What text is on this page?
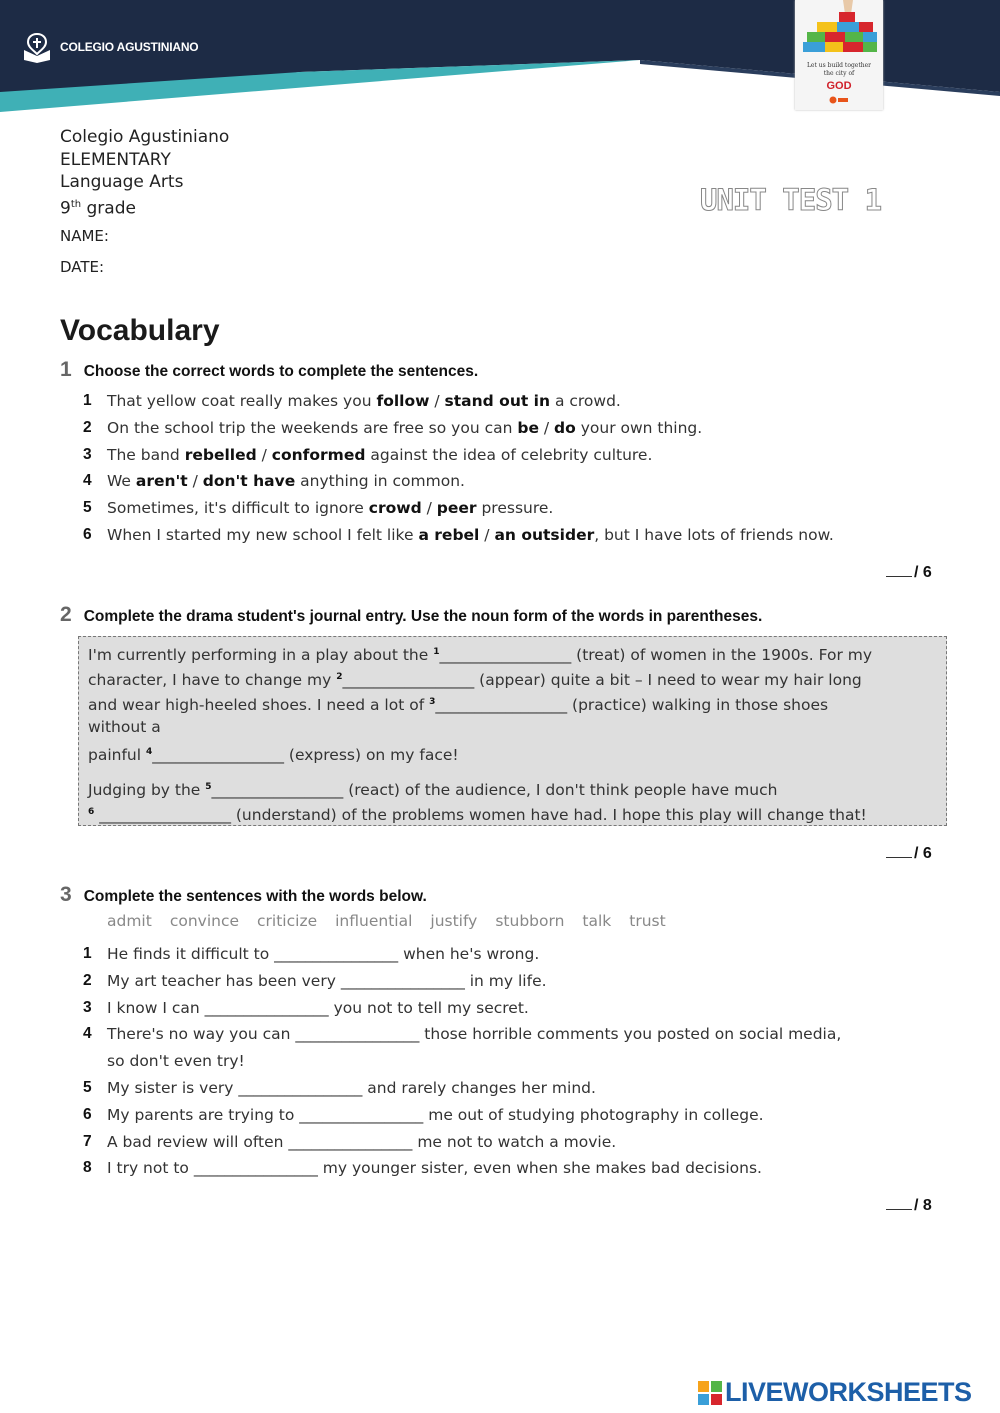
COLEGIO AGUSTINIANO
Let us build together
the city of
GOD
Colegio Agustiniano
ELEMENTARY
Language Arts
9th grade
NAME:
DATE:
UNIT TEST 1
Vocabulary
1 Choose the correct words to complete the sentences.
1 That yellow coat really makes you follow / stand out in a crowd.
2 On the school trip the weekends are free so you can be / do your own thing.
3 The band rebelled / conformed against the idea of celebrity culture.
4 We aren't / don't have anything in common.
5 Sometimes, it's difficult to ignore crowd / peer pressure.
6 When I started my new school I felt like a rebel / an outsider, but I have lots of friends now.
/ 6
2 Complete the drama student's journal entry. Use the noun form of the words in parentheses.
I'm currently performing in a play about the $^1$_________________ (treat) of women in the 1900s. For my
character, I have to change my $^2$_________________ (appear) quite a bit – I need to wear my hair long
and wear high-heeled shoes. I need a lot of $^3$_________________ (practice) walking in those shoes
without a
painful $^4$_________________ (express) on my face!
Judging by the $^5$_________________ (react) of the audience, I don't think people have much
$^6$ _________________ (understand) of the problems women have had. I hope this play will change that!
/ 6
3 Complete the sentences with the words below.
admit convince criticize influential justify stubborn talk trust
1 He finds it difficult to ________________ when he's wrong.
2 My art teacher has been very ________________ in my life.
3 I know I can ________________ you not to tell my secret.
4 There's no way you can ________________ those horrible comments you posted on social media,
so don't even try!
5 My sister is very ________________ and rarely changes her mind.
6 My parents are trying to ________________ me out of studying photography in college.
7 A bad review will often ________________ me not to watch a movie.
8 I try not to ________________ my younger sister, even when she makes bad decisions.
/ 8
LIVEWORKSHEETS
